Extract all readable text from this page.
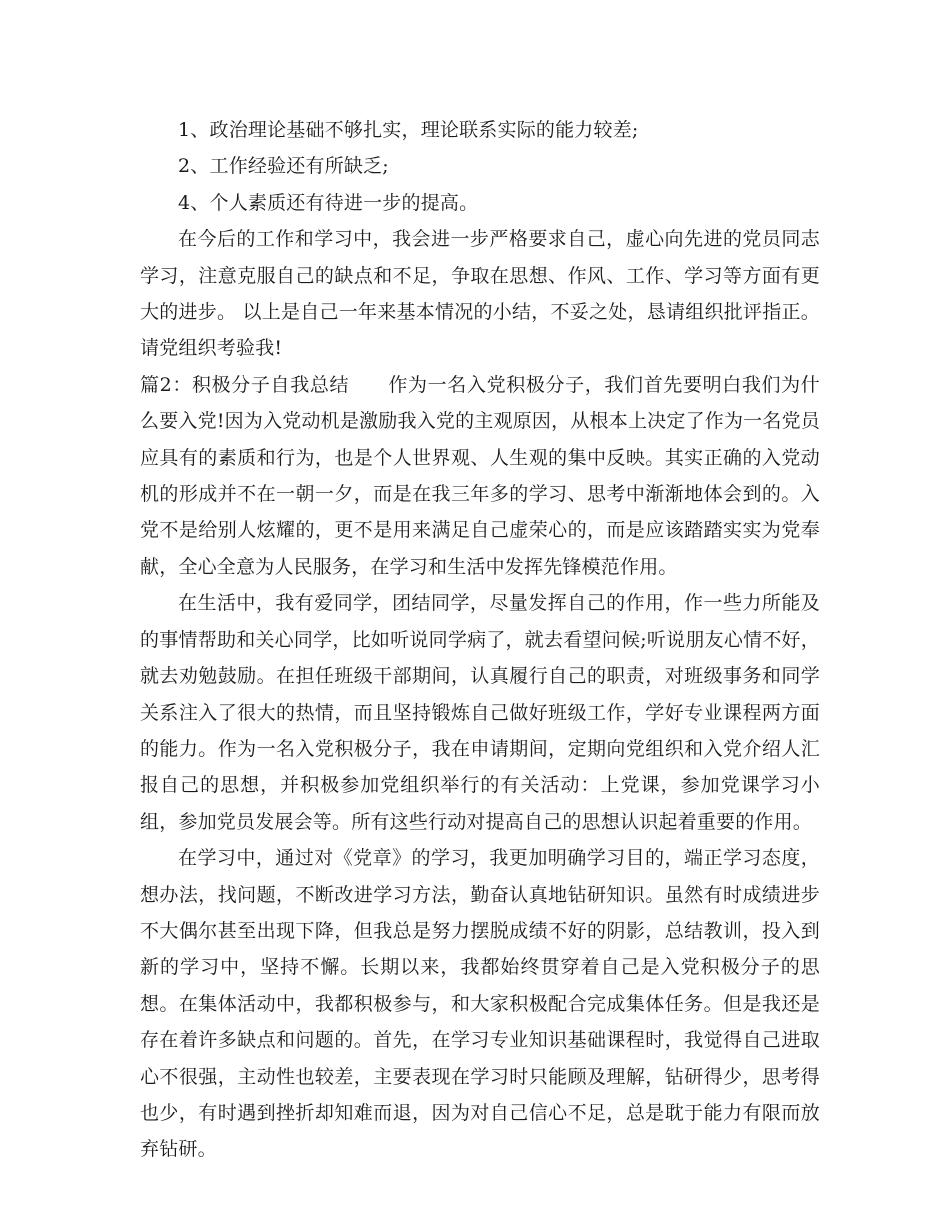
1、政治理论基础不够扎实，理论联系实际的能力较差;

2、工作经验还有所缺乏;

4、个人素质还有待进一步的提高。

在今后的工作和学习中，我会进一步严格要求自己，虚心向先进的党员同志学习，注意克服自己的缺点和不足，争取在思想、作风、工作、学习等方面有更大的进步。 以上是自己一年来基本情况的小结，不妥之处，恳请组织批评指正。请党组织考验我!

篇2：积极分子自我总结　　作为一名入党积极分子，我们首先要明白我们为什么要入党!因为入党动机是激励我入党的主观原因，从根本上决定了作为一名党员应具有的素质和行为，也是个人世界观、人生观的集中反映。其实正确的入党动机的形成并不在一朝一夕，而是在我三年多的学习、思考中渐渐地体会到的。入党不是给别人炫耀的，更不是用来满足自己虚荣心的，而是应该踏踏实实为党奉献，全心全意为人民服务，在学习和生活中发挥先锋模范作用。

在生活中，我有爱同学，团结同学，尽量发挥自己的作用，作一些力所能及的事情帮助和关心同学，比如听说同学病了，就去看望问候;听说朋友心情不好，就去劝勉鼓励。在担任班级干部期间，认真履行自己的职责，对班级事务和同学关系注入了很大的热情，而且坚持锻炼自己做好班级工作，学好专业课程两方面的能力。作为一名入党积极分子，我在申请期间，定期向党组织和入党介绍人汇报自己的思想，并积极参加党组织举行的有关活动：上党课，参加党课学习小组，参加党员发展会等。所有这些行动对提高自己的思想认识起着重要的作用。

在学习中，通过对《党章》的学习，我更加明确学习目的，端正学习态度，想办法，找问题，不断改进学习方法，勤奋认真地钻研知识。虽然有时成绩进步不大偶尔甚至出现下降，但我总是努力摆脱成绩不好的阴影，总结教训，投入到新的学习中，坚持不懈。长期以来，我都始终贯穿着自己是入党积极分子的思想。在集体活动中，我都积极参与，和大家积极配合完成集体任务。但是我还是存在着许多缺点和问题的。首先，在学习专业知识基础课程时，我觉得自己进取心不很强，主动性也较差，主要表现在学习时只能顾及理解，钻研得少，思考得也少，有时遇到挫折却知难而退，因为对自己信心不足，总是耽于能力有限而放弃钻研。
